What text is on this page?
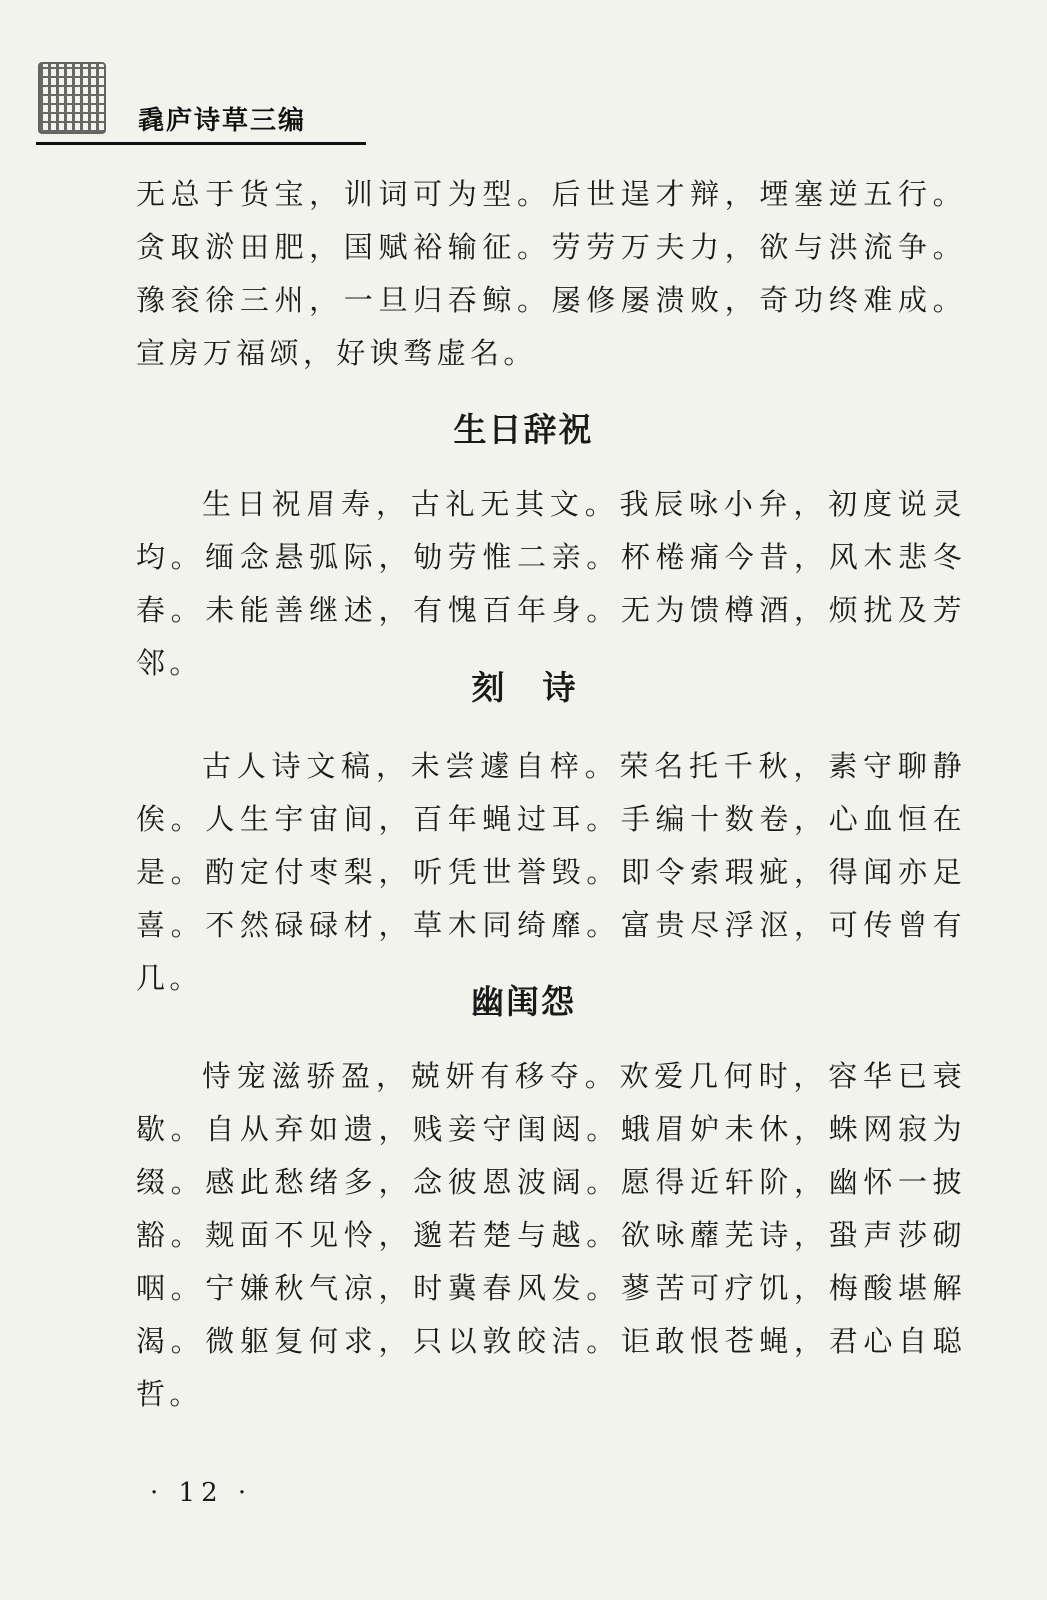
毳庐诗草三编

无总于货宝，训词可为型。后世逞才辩，堙塞逆五行。贪取淤田肥，国赋裕输征。劳劳万夫力，欲与洪流争。豫衮徐三州，一旦归吞鲸。屡修屡溃败，奇功终难成。宣房万福颂，好谀骛虚名。

生日辞祝

生日祝眉寿，古礼无其文。我辰咏小弁，初度说灵均。缅念悬弧际，劬劳惟二亲。杯棬痛今昔，风木悲冬春。未能善继述，有愧百年身。无为馈樽酒，烦扰及芳邻。

刻诗

古人诗文稿，未尝遽自梓。荣名托千秋，素守聊静俟。人生宇宙间，百年蝇过耳。手编十数卷，心血恒在是。酌定付枣梨，听凭世誉毁。即令索瑕疵，得闻亦足喜。不然碌碌材，草木同绮靡。富贵尽浮沤，可传曾有几。

幽闺怨

恃宠滋骄盈，兢妍有移夺。欢爱几何时，容华已衰歇。自从弃如遗，贱妾守闺闼。蛾眉妒未休，蛛网寂为缀。感此愁绪多，念彼恩波阔。愿得近轩阶，幽怀一披豁。觌面不见怜，邈若楚与越。欲咏蘼芜诗，蛩声莎砌咽。宁嫌秋气凉，时冀春风发。蓼苦可疗饥，梅酸堪解渴。微躯复何求，只以敦皎洁。讵敢恨苍蝇，君心自聪哲。

· 12 ·
